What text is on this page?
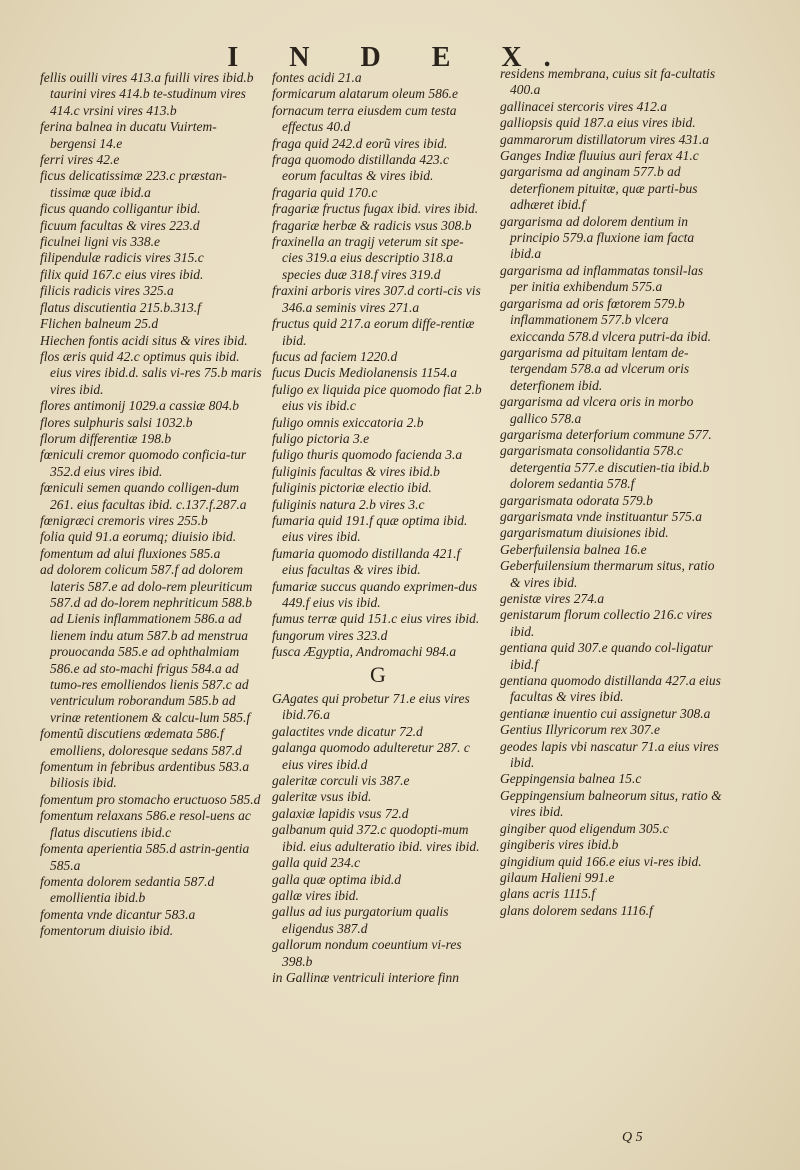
I N D E X.
fellis ouilli vires 413.a fuilli vires ibid.b taurini vires 414.b te-studinum vires 414.c vrsini vires 413.b
ferina balnea in ducatu Vuirtem-bergensi 14.e
ferri vires 42.e
ficus delicatissimæ 223.c præstan-tissimæ quæ ibid.a
ficus quando colligantur ibid.
ficuum facultas & vires 223.d
ficulnei ligni vis 338.e
filipendulæ radicis vires 315.c
filix quid 167.c eius vires ibid.
filicis radicis vires 325.a
flatus discutientia 215.b.313.f
Flichen balneum 25.d
Hiechen fontis acidi situs & vires ibid.
flos æris quid 42.c optimus quis ibid. eius vires ibid.d. salis vi-res 75.b maris vires ibid.
flores antimonij 1029.a cassiæ 804.b
flores sulphuris salsi 1032.b
florum differentiæ 198.b
fœniculi cremor quomodo conficia-tur 352.d eius vires ibid.
fœniculi semen quando colligen-dum 261. eius facultas ibid. c.137.f.287.a
fœnigræci cremoris vires 255.b
folia quid 91.a eorumq; diuisio ibid.
fomentum ad alui fluxiones 585.a
ad dolorem colicum 587.f ad dolorem lateris 587.e ad dolo-rem pleuriticum 587.d ad do-lorem nephriticum 588.b ad Lienis inflammationem 586.a ad lienem indu atum 587.b ad menstrua prouocanda 585.e ad ophthalmiam 586.e ad sto-machi frigus 584.a ad tumo-res emolliendos lienis 587.c ad ventriculum roborandum 585.b ad vrinæ retentionem & calcu-lum 585.f
fomentũ discutiens œdemata 586.f emolliens, doloresque sedans 587.d
fomentum in febribus ardentibus 583.a biliosis ibid.
fomentum pro stomacho eructuoso 585.d
fomentum relaxans 586.e resol-uens ac flatus discutiens ibid.c
fomenta aperientia 585.d astrin-gentia 585.a
fomenta dolorem sedantia 587.d emollientia ibid.b
fomenta vnde dicantur 583.a
fomentorum diuisio ibid.
fontes acidi 21.a
formicarum alatarum oleum 586.e
fornacum terra eiusdem cum testa effectus 40.d
fraga quid 242.d eorũ vires ibid.
fraga quomodo distillanda 423.c eorum facultas & vires ibid.
fragaria quid 170.c
fragariæ fructus fugax ibid. vires ibid.
fragariæ herbæ & radicis vsus 308.b
fraxinella an tragij veterum sit spe-cies 319.a eius descriptio 318.a species duæ 318.f vires 319.d
fraxini arboris vires 307.d corti-cis vis 346.a seminis vires 271.a
fructus quid 217.a eorum diffe-rentiæ ibid.
fucus ad faciem 1220.d
fucus Ducis Mediolanensis 1154.a
fuligo ex liquida pice quomodo fiat 2.b eius vis ibid.c
fuligo omnis exiccatoria 2.b
fuligo pictoria 3.e
fuligo thuris quomodo facienda 3.a
fuliginis facultas & vires ibid.b
fuliginis pictoriæ electio ibid.
fuliginis natura 2.b vires 3.c
fumaria quid 191.f quæ optima ibid. eius vires ibid.
fumaria quomodo distillanda 421.f eius facultas & vires ibid.
fumariæ succus quando exprimen-dus 449.f eius vis ibid.
fumus terræ quid 151.c eius vires ibid.
fungorum vires 323.d
fusca Ægyptia, Andromachi 984.a
G
GAgates qui probetur 71.e eius vires ibid.76.a
galactites vnde dicatur 72.d
galanga quomodo adulteretur 287. c eius vires ibid.d
galeritæ corculi vis 387.e
galeritæ vsus ibid.
galaxiæ lapidis vsus 72.d
galbanum quid 372.c quodopti-mum ibid. eius adulteratio ibid. vires ibid.
galla quid 234.c
galla quæ optima ibid.d
gallæ vires ibid.
gallus ad ius purgatorium qualis eligendus 387.d
gallorum nondum coeuntium vi-res 398.b
in Gallinæ ventriculi interiore finn
residens membrana, cuius sit fa-cultatis 400.a
gallinacei stercoris vires 412.a
galliopsis quid 187.a eius vires ibid.
gammarorum distillatorum vires 431.a
Ganges Indiæ fluuius auri ferax 41.c
gargarisma ad anginam 577.b ad deterfionem pituitæ, quæ parti-bus adhæret ibid.f
gargarisma ad dolorem dentium in principio 579.a fluxione iam facta ibid.a
gargarisma ad inflammatas tonsil-las per initia exhibendum 575.a
gargarisma ad oris fœtorem 579.b inflammationem 577.b vlcera exiccanda 578.d vlcera putri-da ibid.
gargarisma ad pituitam lentam de-tergendam 578.a ad vlcerum oris deterfionem ibid.
gargarisma ad vlcera oris in morbo gallico 578.a
gargarisma deterforium commune 577.
gargarismata consolidantia 578.c detergentia 577.e discutien-tia ibid.b dolorem sedantia 578.f
gargarismata odorata 579.b
gargarismata vnde instituantur 575.a
gargarismatum diuisiones ibid.
Geberfuilensia balnea 16.e
Geberfuilensium thermarum situs, ratio & vires ibid.
genistæ vires 274.a
genistarum florum collectio 216.c vires ibid.
gentiana quid 307.e quando col-ligatur ibid.f
gentiana quomodo distillanda 427.a eius facultas & vires ibid.
gentianæ inuentio cui assignetur 308.a
Gentius Illyricorum rex 307.e
geodes lapis vbi nascatur 71.a eius vires ibid.
Geppingensia balnea 15.c
Geppingensium balneorum situs, ratio & vires ibid.
gingiber quod eligendum 305.c
gingiberis vires ibid.b
gingidium quid 166.e eius vi-res ibid.
gilaum Halieni 991.e
glans acris 1115.f
glans dolorem sedans 1116.f
Q 5
